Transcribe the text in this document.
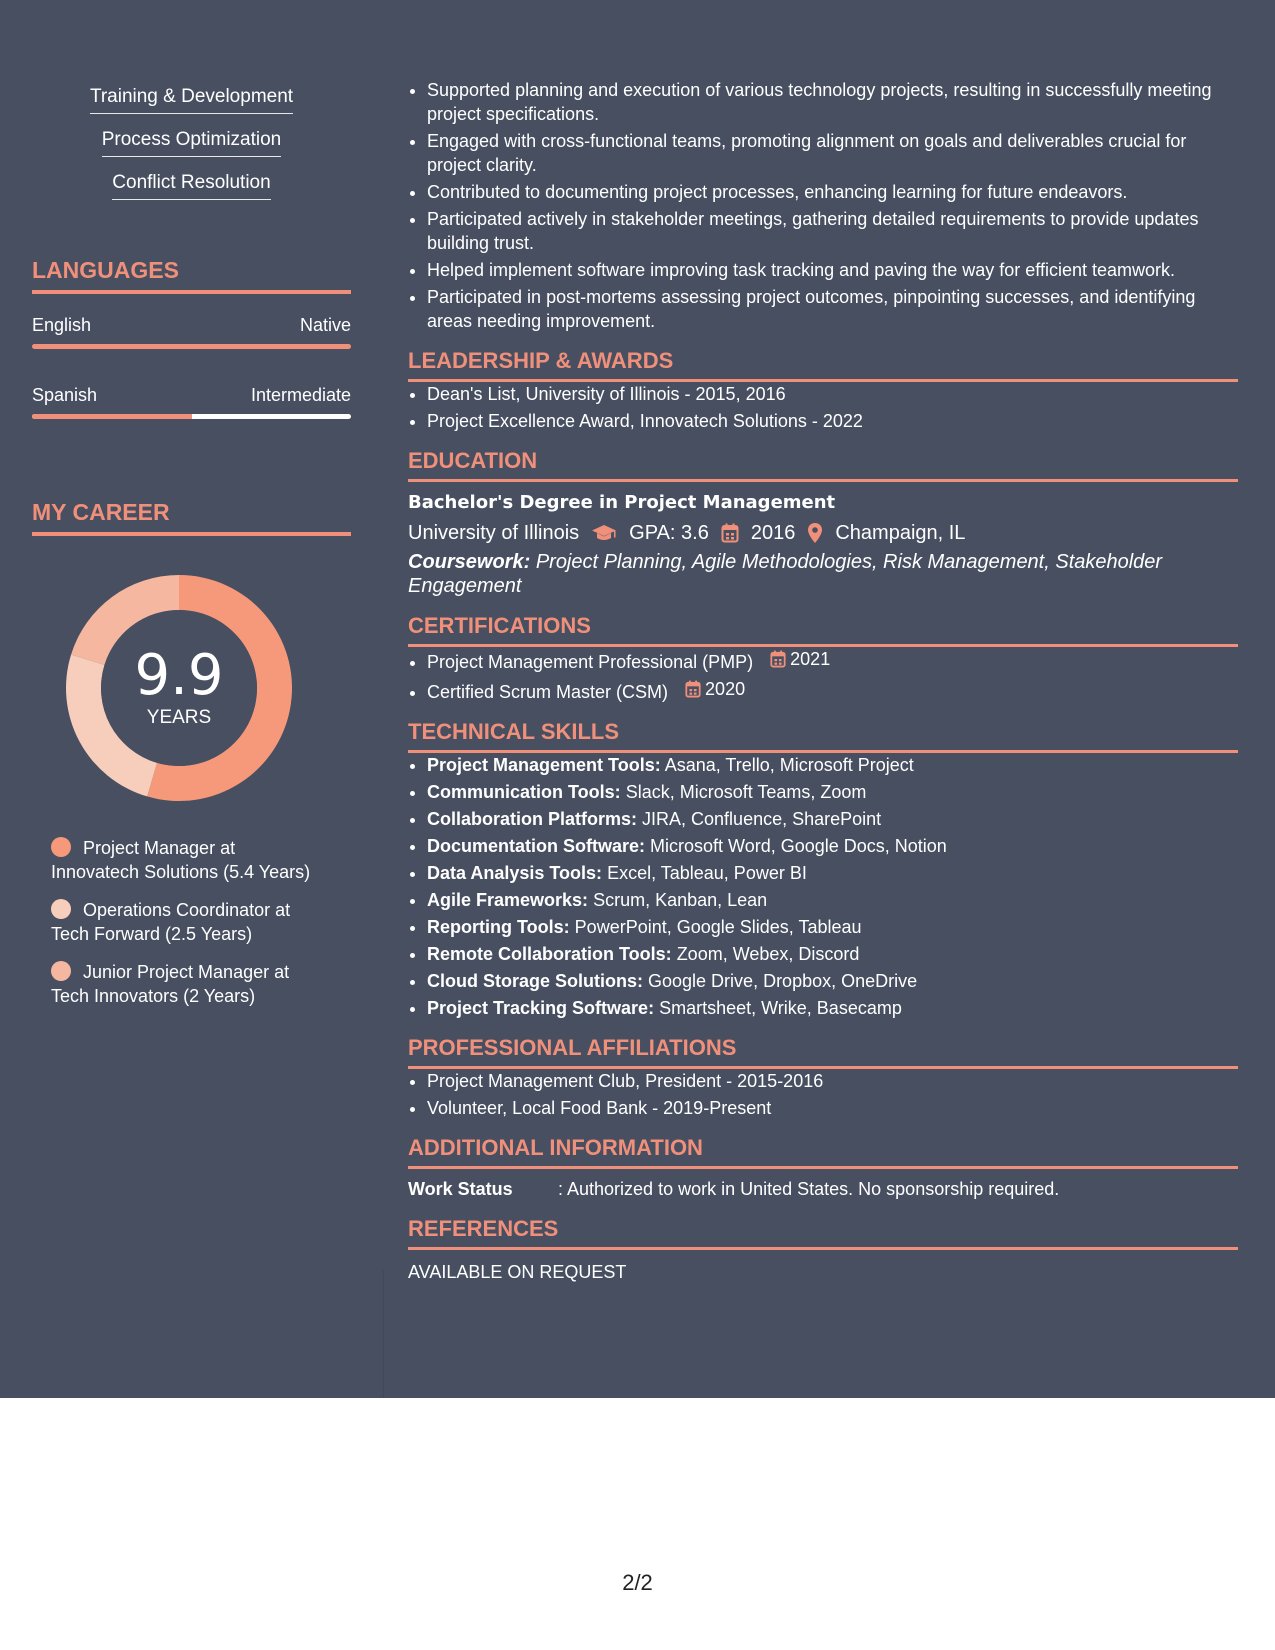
Training & Development
Process Optimization
Conflict Resolution
LANGUAGES
English	Native
Spanish	Intermediate
MY CAREER
9.9
YEARS
Project Manager at
Innovatech Solutions (5.4 Years)
Operations Coordinator at
Tech Forward (2.5 Years)
Junior Project Manager at
Tech Innovators (2 Years)
• Supported planning and execution of various technology projects, resulting in successfully meeting project specifications.
• Engaged with cross-functional teams, promoting alignment on goals and deliverables crucial for project clarity.
• Contributed to documenting project processes, enhancing learning for future endeavors.
• Participated actively in stakeholder meetings, gathering detailed requirements to provide updates building trust.
• Helped implement software improving task tracking and paving the way for efficient teamwork.
• Participated in post-mortems assessing project outcomes, pinpointing successes, and identifying areas needing improvement.
LEADERSHIP & AWARDS
• Dean's List, University of Illinois - 2015, 2016
• Project Excellence Award, Innovatech Solutions - 2022
EDUCATION
Bachelor's Degree in Project Management
University of Illinois	GPA: 3.6 2016 Champaign, IL
Coursework: Project Planning, Agile Methodologies, Risk Management, Stakeholder Engagement
CERTIFICATIONS
• Project Management Professional (PMP) 2021
• Certified Scrum Master (CSM) 2020
TECHNICAL SKILLS
• Project Management Tools: Asana, Trello, Microsoft Project
• Communication Tools: Slack, Microsoft Teams, Zoom
• Collaboration Platforms: JIRA, Confluence, SharePoint
• Documentation Software: Microsoft Word, Google Docs, Notion
• Data Analysis Tools: Excel, Tableau, Power BI
• Agile Frameworks: Scrum, Kanban, Lean
• Reporting Tools: PowerPoint, Google Slides, Tableau
• Remote Collaboration Tools: Zoom, Webex, Discord
• Cloud Storage Solutions: Google Drive, Dropbox, OneDrive
• Project Tracking Software: Smartsheet, Wrike, Basecamp
PROFESSIONAL AFFILIATIONS
• Project Management Club, President - 2015-2016
• Volunteer, Local Food Bank - 2019-Present
ADDITIONAL INFORMATION
Work Status	: Authorized to work in United States. No sponsorship required.
REFERENCES
AVAILABLE ON REQUEST
2/2
